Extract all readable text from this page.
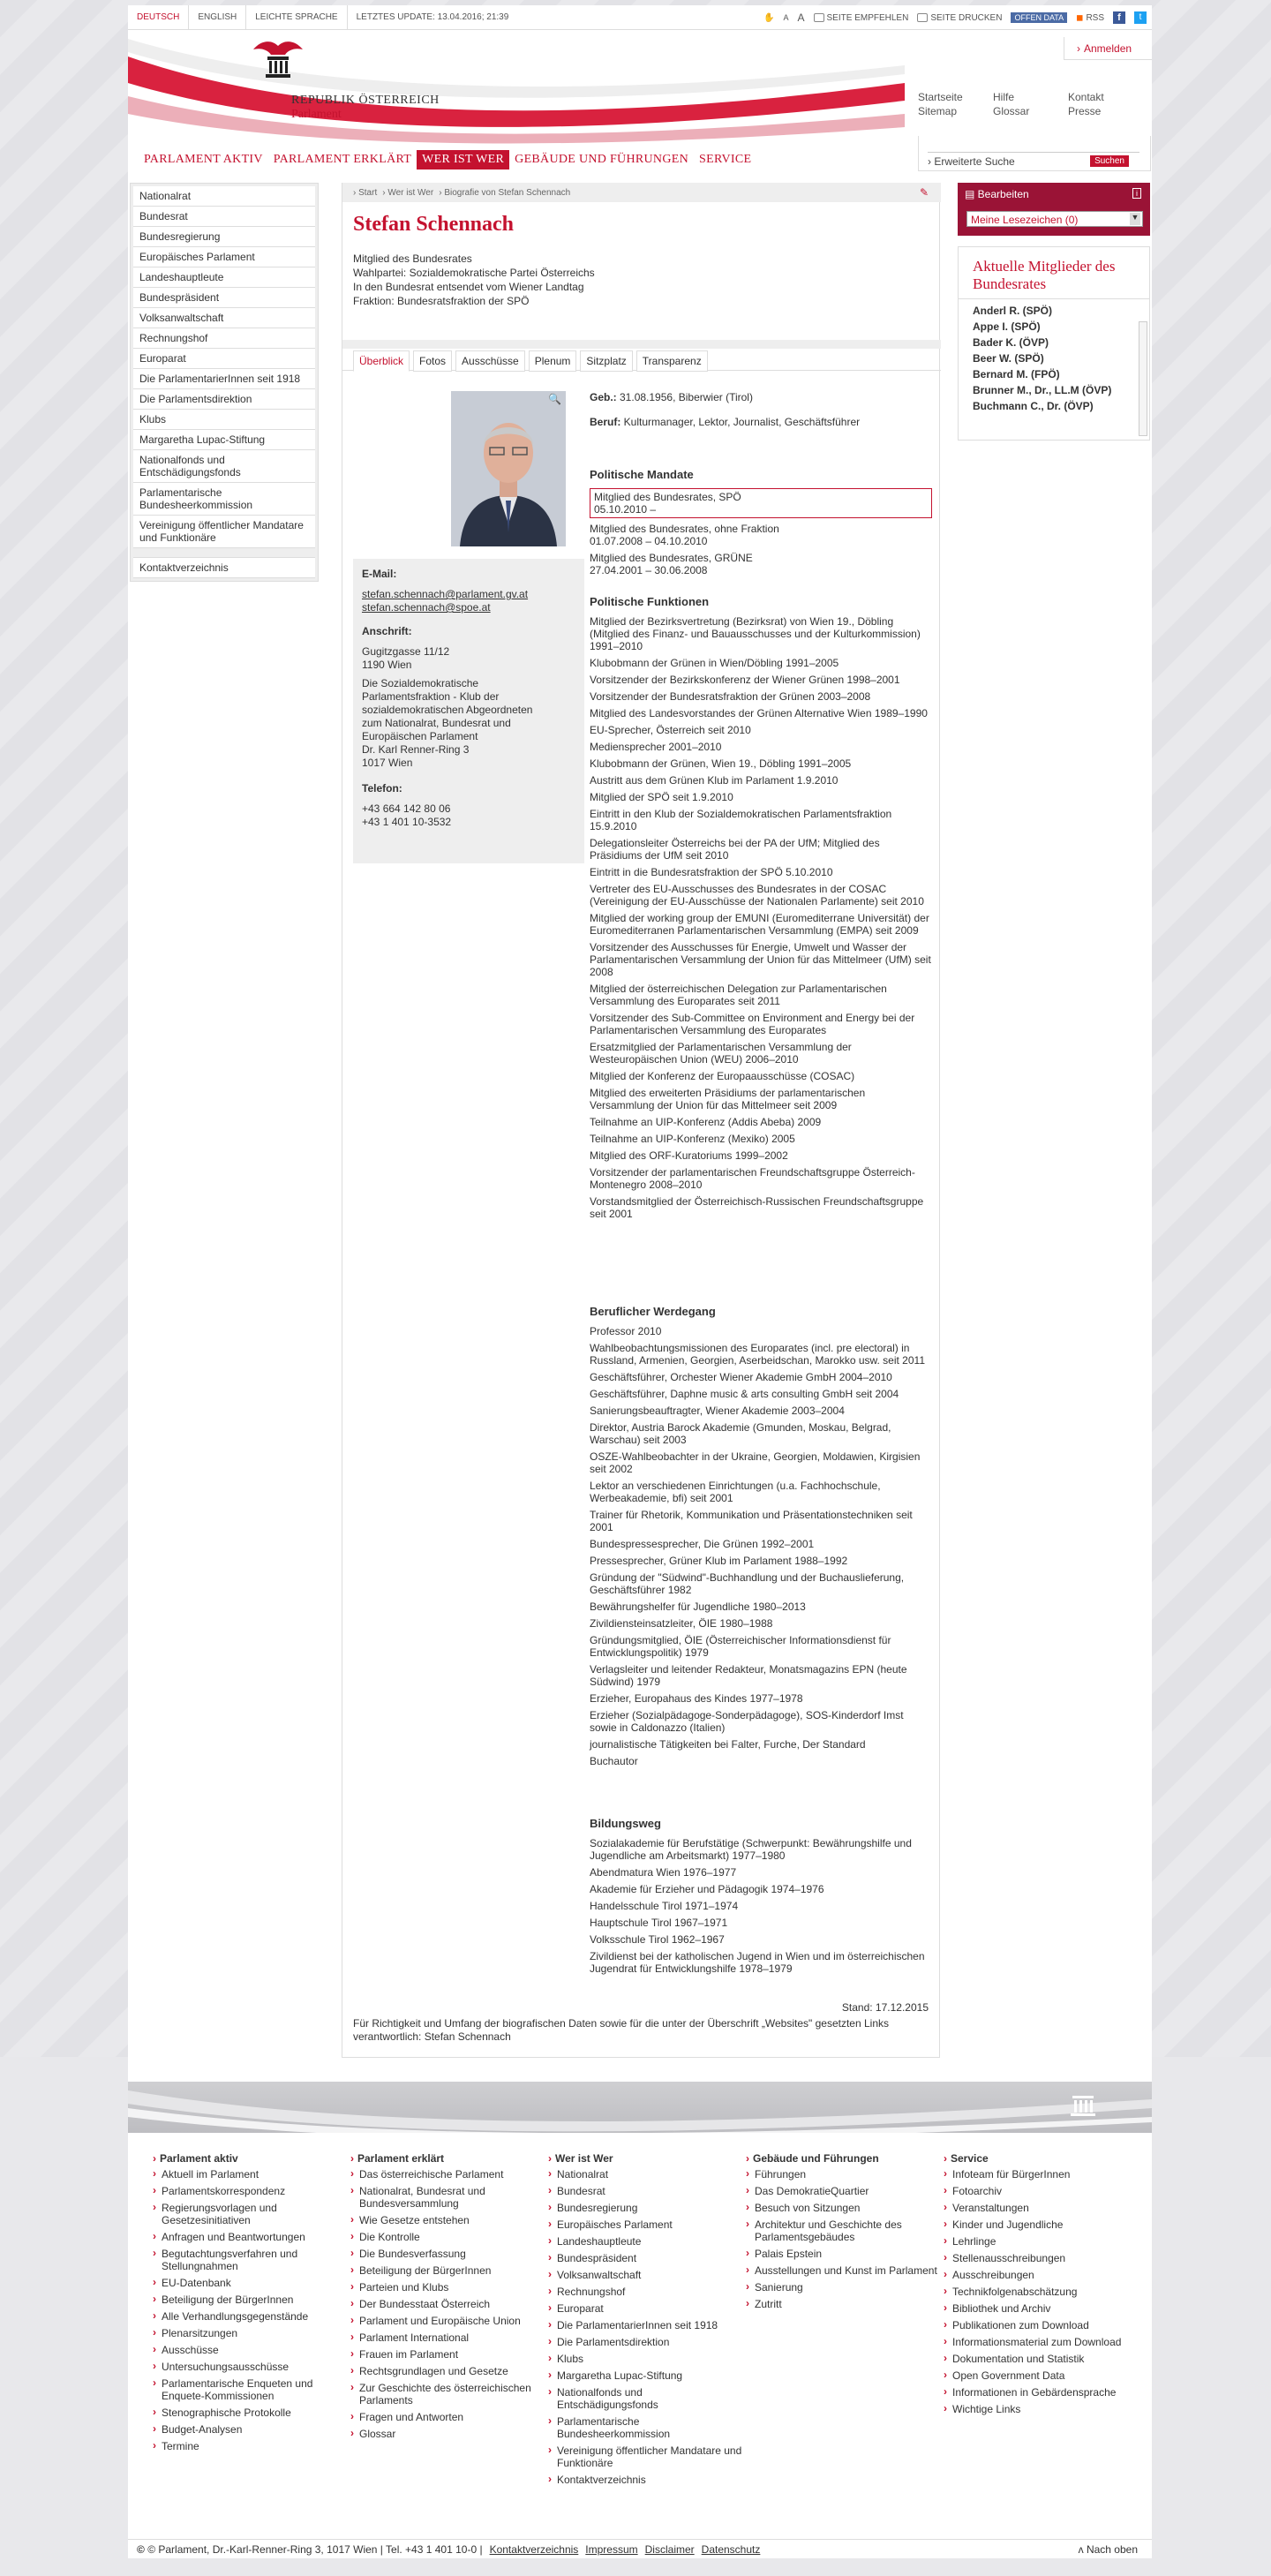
DEUTSCH	ENGLISH	LEICHTE SPRACHE	LETZTES UPDATE: 13.04.2016; 21:39	✋ A A	SEITE EMPFEHLEN	SEITE DRUCKEN	OFFEN DATA	◼ RSS	f	t
› Anmelden
REPUBLIK ÖSTERREICH
Parlament
Startseite	Hilfe	Kontakt
Sitemap	Glossar	Presse
› Erweiterte Suche	Suchen
PARLAMENT AKTIV PARLAMENT ERKLÄRT WER IST WER GEBÄUDE UND FÜHRUNGEN SERVICE
Nationalrat
Bundesrat
Bundesregierung
Europäisches Parlament
Landeshauptleute
Bundespräsident
Volksanwaltschaft
Rechnungshof
Europarat
Die ParlamentarierInnen seit 1918
Die Parlamentsdirektion
Klubs
Margaretha Lupac-Stiftung
Nationalfonds und Entschädigungsfonds
Parlamentarische Bundesheerkommission
Vereinigung öffentlicher Mandatare und Funktionäre
Kontaktverzeichnis
› Start › Wer ist Wer › Biografie von Stefan Schennach	✎
Stefan Schennach
Mitglied des Bundesrates
Wahlpartei: Sozialdemokratische Partei Österreichs
In den Bundesrat entsendet vom Wiener Landtag
Fraktion: Bundesratsfraktion der SPÖ
Überblick	Fotos	Ausschüsse	Plenum	Sitzplatz	Transparenz
🔍
E-Mail:
stefan.schennach@parlament.gv.at
stefan.schennach@spoe.at
Anschrift:
Gugitzgasse 11/12
1190 Wien
Die Sozialdemokratische Parlamentsfraktion - Klub der sozialdemokratischen Abgeordneten zum Nationalrat, Bundesrat und Europäischen Parlament
Dr. Karl Renner-Ring 3
1017 Wien
Telefon:
+43 664 142 80 06
+43 1 401 10-3532
Geb.: 31.08.1956, Biberwier (Tirol)
Beruf: Kulturmanager, Lektor, Journalist, Geschäftsführer
Politische Mandate
Mitglied des Bundesrates, SPÖ
05.10.2010 –
Mitglied des Bundesrates, ohne Fraktion
01.07.2008 – 04.10.2010
Mitglied des Bundesrates, GRÜNE
27.04.2001 – 30.06.2008
Politische Funktionen
Mitglied der Bezirksvertretung (Bezirksrat) von Wien 19., Döbling (Mitglied des Finanz- und Bauausschusses und der Kulturkommission) 1991–2010
Klubobmann der Grünen in Wien/Döbling 1991–2005
Vorsitzender der Bezirkskonferenz der Wiener Grünen 1998–2001
Vorsitzender der Bundesratsfraktion der Grünen 2003–2008
Mitglied des Landesvorstandes der Grünen Alternative Wien 1989–1990
EU-Sprecher, Österreich seit 2010
Mediensprecher 2001–2010
Klubobmann der Grünen, Wien 19., Döbling 1991–2005
Austritt aus dem Grünen Klub im Parlament 1.9.2010
Mitglied der SPÖ seit 1.9.2010
Eintritt in den Klub der Sozialdemokratischen Parlamentsfraktion 15.9.2010
Delegationsleiter Österreichs bei der PA der UfM; Mitglied des Präsidiums der UfM seit 2010
Eintritt in die Bundesratsfraktion der SPÖ 5.10.2010
Vertreter des EU-Ausschusses des Bundesrates in der COSAC (Vereinigung der EU-Ausschüsse der Nationalen Parlamente) seit 2010
Mitglied der working group der EMUNI (Euromediterrane Universität) der Euromediterranen Parlamentarischen Versammlung (EMPA) seit 2009
Vorsitzender des Ausschusses für Energie, Umwelt und Wasser der Parlamentarischen Versammlung der Union für das Mittelmeer (UfM) seit 2008
Mitglied der österreichischen Delegation zur Parlamentarischen Versammlung des Europarates seit 2011
Vorsitzender des Sub-Committee on Environment and Energy bei der Parlamentarischen Versammlung des Europarates
Ersatzmitglied der Parlamentarischen Versammlung der Westeuropäischen Union (WEU) 2006–2010
Mitglied der Konferenz der Europaausschüsse (COSAC)
Mitglied des erweiterten Präsidiums der parlamentarischen Versammlung der Union für das Mittelmeer seit 2009
Teilnahme an UIP-Konferenz (Addis Abeba) 2009
Teilnahme an UIP-Konferenz (Mexiko) 2005
Mitglied des ORF-Kuratoriums 1999–2002
Vorsitzender der parlamentarischen Freundschaftsgruppe Österreich-Montenegro 2008–2010
Vorstandsmitglied der Österreichisch-Russischen Freundschaftsgruppe seit 2001
Beruflicher Werdegang
Professor 2010
Wahlbeobachtungsmissionen des Europarates (incl. pre electoral) in Russland, Armenien, Georgien, Aserbeidschan, Marokko usw. seit 2011
Geschäftsführer, Orchester Wiener Akademie GmbH 2004–2010
Geschäftsführer, Daphne music & arts consulting GmbH seit 2004
Sanierungsbeauftragter, Wiener Akademie 2003–2004
Direktor, Austria Barock Akademie (Gmunden, Moskau, Belgrad, Warschau) seit 2003
OSZE-Wahlbeobachter in der Ukraine, Georgien, Moldawien, Kirgisien seit 2002
Lektor an verschiedenen Einrichtungen (u.a. Fachhochschule, Werbeakademie, bfi) seit 2001
Trainer für Rhetorik, Kommunikation und Präsentationstechniken seit 2001
Bundespressesprecher, Die Grünen 1992–2001
Pressesprecher, Grüner Klub im Parlament 1988–1992
Gründung der "Südwind"-Buchhandlung und der Buchauslieferung, Geschäftsführer 1982
Bewährungshelfer für Jugendliche 1980–2013
Zivildiensteinsatzleiter, ÖIE 1980–1988
Gründungsmitglied, ÖIE (Österreichischer Informationsdienst für Entwicklungspolitik) 1979
Verlagsleiter und leitender Redakteur, Monatsmagazins EPN (heute Südwind) 1979
Erzieher, Europahaus des Kindes 1977–1978
Erzieher (Sozialpädagoge-Sonderpädagoge), SOS-Kinderdorf Imst sowie in Caldonazzo (Italien)
journalistische Tätigkeiten bei Falter, Furche, Der Standard
Buchautor
Bildungsweg
Sozialakademie für Berufstätige (Schwerpunkt: Bewährungshilfe und Jugendliche am Arbeitsmarkt) 1977–1980
Abendmatura Wien 1976–1977
Akademie für Erzieher und Pädagogik 1974–1976
Handelsschule Tirol 1971–1974
Hauptschule Tirol 1967–1971
Volksschule Tirol 1962–1967
Zivildienst bei der katholischen Jugend in Wien und im österreichischen Jugendrat für Entwicklungshilfe 1978–1979
Stand: 17.12.2015
Für Richtigkeit und Umfang der biografischen Daten sowie für die unter der Überschrift „Websites" gesetzten Links verantwortlich: Stefan Schennach
▤ Bearbeiten	i
Meine Lesezeichen (0)	▼
Aktuelle Mitglieder des Bundesrates
Anderl R. (SPÖ)
Appe I. (SPÖ)
Bader K. (ÖVP)
Beer W. (SPÖ)
Bernard M. (FPÖ)
Brunner M., Dr., LL.M (ÖVP)
Buchmann C., Dr. (ÖVP)
› Parlament aktiv
› Aktuell im Parlament
› Parlamentskorrespondenz
› Regierungsvorlagen und Gesetzesinitiativen
› Anfragen und Beantwortungen
› Begutachtungsverfahren und Stellungnahmen
› EU-Datenbank
› Beteiligung der BürgerInnen
› Alle Verhandlungsgegenstände
› Plenarsitzungen
› Ausschüsse
› Untersuchungsausschüsse
› Parlamentarische Enqueten und Enquete-Kommissionen
› Stenographische Protokolle
› Budget-Analysen
› Termine
› Parlament erklärt
› Das österreichische Parlament
› Nationalrat, Bundesrat und Bundesversammlung
› Wie Gesetze entstehen
› Die Kontrolle
› Die Bundesverfassung
› Beteiligung der BürgerInnen
› Parteien und Klubs
› Der Bundesstaat Österreich
› Parlament und Europäische Union
› Parlament International
› Frauen im Parlament
› Rechtsgrundlagen und Gesetze
› Zur Geschichte des österreichischen Parlaments
› Fragen und Antworten
› Glossar
› Wer ist Wer
› Nationalrat
› Bundesrat
› Bundesregierung
› Europäisches Parlament
› Landeshauptleute
› Bundespräsident
› Volksanwaltschaft
› Rechnungshof
› Europarat
› Die ParlamentarierInnen seit 1918
› Die Parlamentsdirektion
› Klubs
› Margaretha Lupac-Stiftung
› Nationalfonds und Entschädigungsfonds
› Parlamentarische Bundesheerkommission
› Vereinigung öffentlicher Mandatare und Funktionäre
› Kontaktverzeichnis
› Gebäude und Führungen
› Führungen
› Das DemokratieQuartier
› Besuch von Sitzungen
› Architektur und Geschichte des Parlamentsgebäudes
› Palais Epstein
› Ausstellungen und Kunst im Parlament
› Sanierung
› Zutritt
› Service
› Infoteam für BürgerInnen
› Fotoarchiv
› Veranstaltungen
› Kinder und Jugendliche
› Lehrlinge
› Stellenausschreibungen
› Ausschreibungen
› Technikfolgenabschätzung
› Bibliothek und Archiv
› Publikationen zum Download
› Informationsmaterial zum Download
› Dokumentation und Statistik
› Open Government Data
› Informationen in Gebärdensprache
› Wichtige Links
© © Parlament, Dr.-Karl-Renner-Ring 3, 1017 Wien | Tel. +43 1 401 10-0 | Kontaktverzeichnis Impressum Disclaimer Datenschutz	ʌ Nach oben
